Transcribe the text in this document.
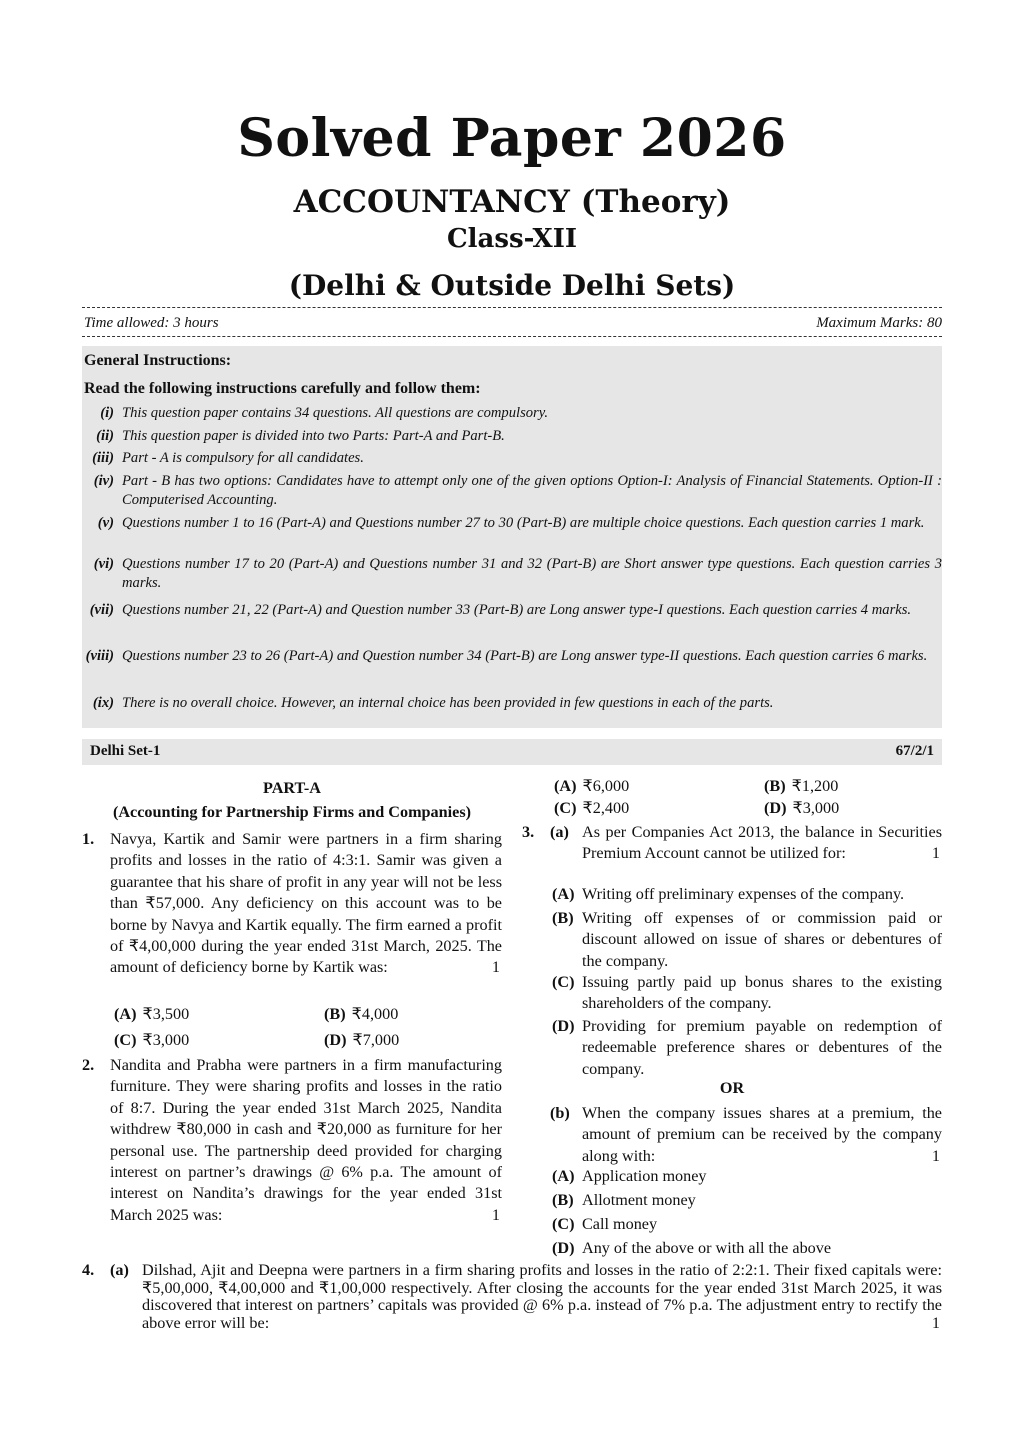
Solved Paper 2026
ACCOUNTANCY (Theory)
Class-XII
(Delhi & Outside Delhi Sets)
Time allowed: 3 hours	Maximum Marks: 80
General Instructions:
Read the following instructions carefully and follow them:
(i) This question paper contains 34 questions. All questions are compulsory.
(ii) This question paper is divided into two Parts: Part-A and Part-B.
(iii) Part - A is compulsory for all candidates.
(iv) Part - B has two options: Candidates have to attempt only one of the given options Option-I: Analysis of Financial Statements. Option-II : Computerised Accounting.
(v) Questions number 1 to 16 (Part-A) and Questions number 27 to 30 (Part-B) are multiple choice questions. Each question carries 1 mark.
(vi) Questions number 17 to 20 (Part-A) and Questions number 31 and 32 (Part-B) are Short answer type questions. Each question carries 3 marks.
(vii) Questions number 21, 22 (Part-A) and Question number 33 (Part-B) are Long answer type-I questions. Each question carries 4 marks.
(viii) Questions number 23 to 26 (Part-A) and Question number 34 (Part-B) are Long answer type-II questions. Each question carries 6 marks.
(ix) There is no overall choice. However, an internal choice has been provided in few questions in each of the parts.
Delhi Set-1	67/2/1
PART-A
(Accounting for Partnership Firms and Companies)
1. Navya, Kartik and Samir were partners in a firm sharing profits and losses in the ratio of 4:3:1. Samir was given a guarantee that his share of profit in any year will not be less than ₹57,000. Any deficiency on this account was to be borne by Navya and Kartik equally. The firm earned a profit of ₹4,00,000 during the year ended 31st March, 2025. The amount of deficiency borne by Kartik was:	1
(A) ₹3,500	(B) ₹4,000
(C) ₹3,000	(D) ₹7,000
2. Nandita and Prabha were partners in a firm manufacturing furniture. They were sharing profits and losses in the ratio of 8:7. During the year ended 31st March 2025, Nandita withdrew ₹80,000 in cash and ₹20,000 as furniture for her personal use. The partnership deed provided for charging interest on partner’s drawings @ 6% p.a. The amount of interest on Nandita’s drawings for the year ended 31st March 2025 was:	1
(A) ₹6,000	(B) ₹1,200
(C) ₹2,400	(D) ₹3,000
3. (a) As per Companies Act 2013, the balance in Securities Premium Account cannot be utilized for:	1
(A) Writing off preliminary expenses of the company.
(B) Writing off expenses of or commission paid or discount allowed on issue of shares or debentures of the company.
(C) Issuing partly paid up bonus shares to the existing shareholders of the company.
(D) Providing for premium payable on redemption of redeemable preference shares or debentures of the company.
OR
(b) When the company issues shares at a premium, the amount of premium can be received by the company along with:	1
(A) Application money
(B) Allotment money
(C) Call money
(D) Any of the above or with all the above
4. (a) Dilshad, Ajit and Deepna were partners in a firm sharing profits and losses in the ratio of 2:2:1. Their fixed capitals were: ₹5,00,000, ₹4,00,000 and ₹1,00,000 respectively. After closing the accounts for the year ended 31st March 2025, it was discovered that interest on partners’ capitals was provided @ 6% p.a. instead of 7% p.a. The adjustment entry to rectify the above error will be:	1
